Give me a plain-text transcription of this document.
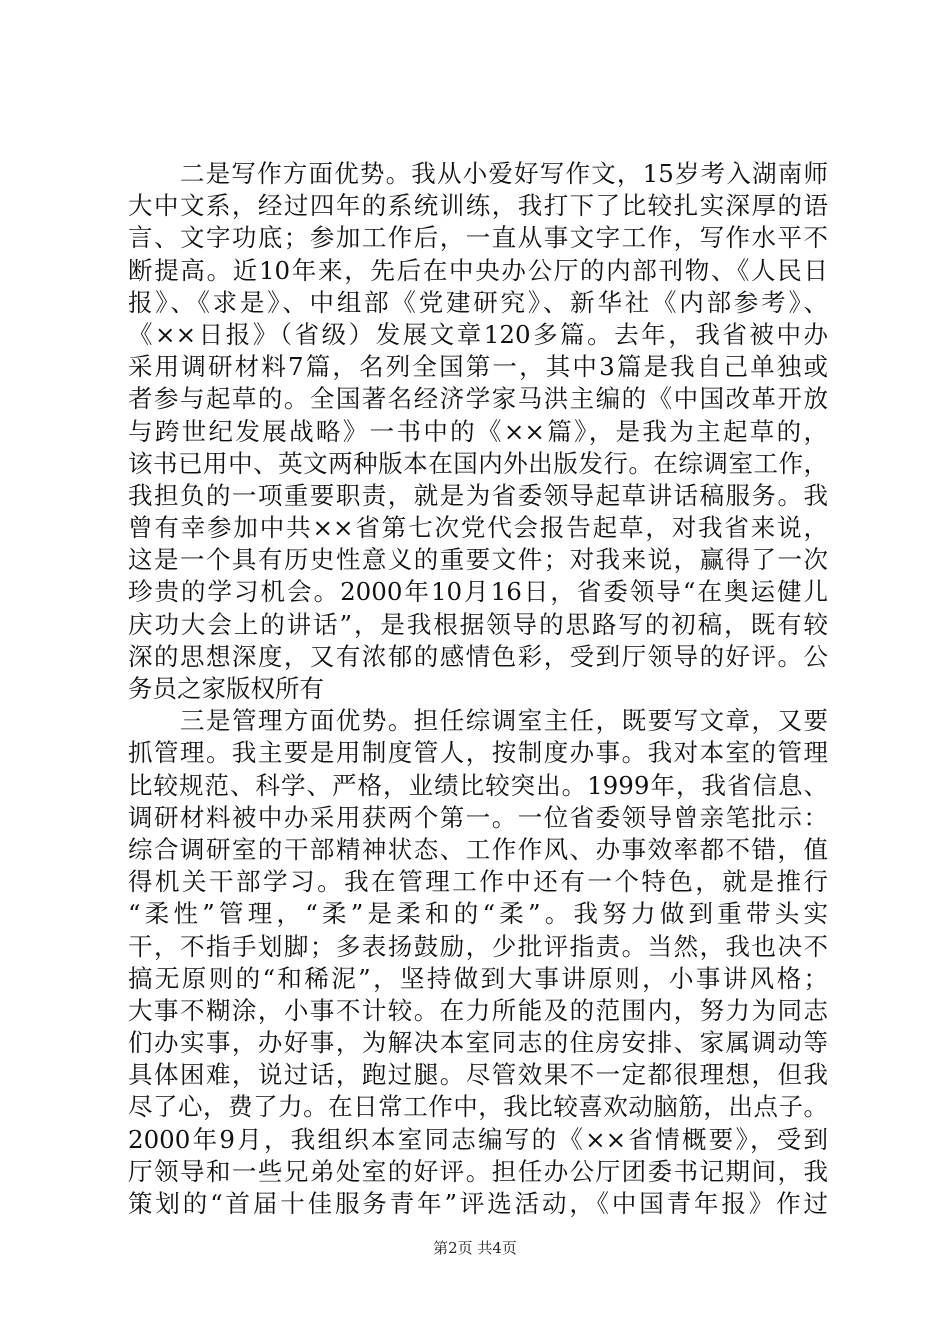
二是写作方面优势。我从小爱好写作文，15岁考入湖南师
大中文系，经过四年的系统训练，我打下了比较扎实深厚的语
言、文字功底；参加工作后，一直从事文字工作，写作水平不
断提高。近10年来，先后在中央办公厅的内部刊物、《人民日
报》、《求是》、中组部《党建研究》、新华社《内部参考》、
《××日报》（省级）发展文章120多篇。去年，我省被中办
采用调研材料7篇，名列全国第一，其中3篇是我自己单独或
者参与起草的。全国著名经济学家马洪主编的《中国改革开放
与跨世纪发展战略》一书中的《××篇》，是我为主起草的，
该书已用中、英文两种版本在国内外出版发行。在综调室工作，
我担负的一项重要职责，就是为省委领导起草讲话稿服务。我
曾有幸参加中共××省第七次党代会报告起草，对我省来说，
这是一个具有历史性意义的重要文件；对我来说，赢得了一次
珍贵的学习机会。2000年10月16日，省委领导“在奥运健儿
庆功大会上的讲话”，是我根据领导的思路写的初稿，既有较
深的思想深度，又有浓郁的感情色彩，受到厅领导的好评。公
务员之家版权所有
三是管理方面优势。担任综调室主任，既要写文章，又要
抓管理。我主要是用制度管人，按制度办事。我对本室的管理
比较规范、科学、严格，业绩比较突出。1999年，我省信息、
调研材料被中办采用获两个第一。一位省委领导曾亲笔批示：
综合调研室的干部精神状态、工作作风、办事效率都不错，值
得机关干部学习。我在管理工作中还有一个特色，就是推行
“柔性”管理，“柔”是柔和的“柔”。我努力做到重带头实
干，不指手划脚；多表扬鼓励，少批评指责。当然，我也决不
搞无原则的“和稀泥”，坚持做到大事讲原则，小事讲风格；
大事不糊涂，小事不计较。在力所能及的范围内，努力为同志
们办实事，办好事，为解决本室同志的住房安排、家属调动等
具体困难，说过话，跑过腿。尽管效果不一定都很理想，但我
尽了心，费了力。在日常工作中，我比较喜欢动脑筋，出点子。
2000年9月，我组织本室同志编写的《××省情概要》，受到
厅领导和一些兄弟处室的好评。担任办公厅团委书记期间，我
策划的“首届十佳服务青年”评选活动，《中国青年报》作过
第2页 共4页
